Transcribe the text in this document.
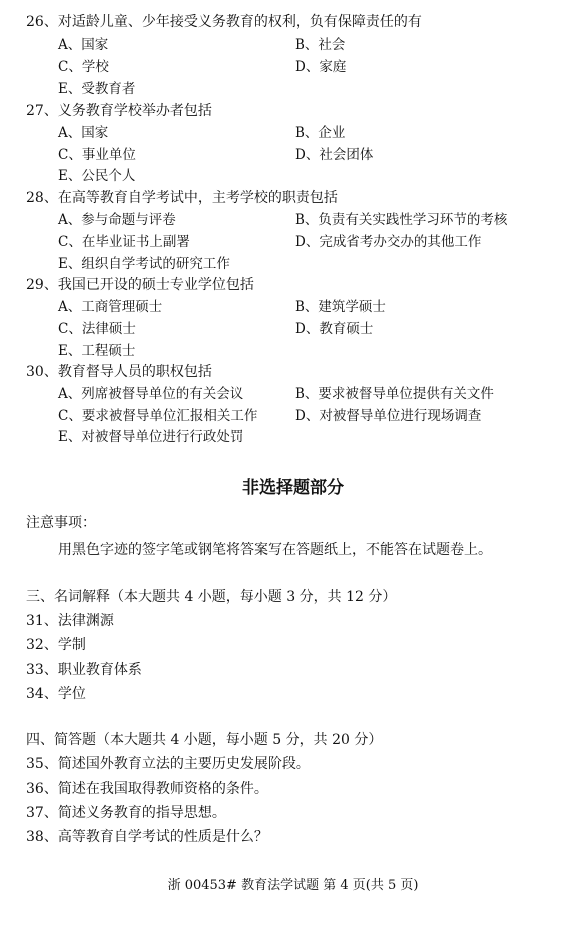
26、对适龄儿童、少年接受义务教育的权利，负有保障责任的有
A、国家	B、社会
C、学校	D、家庭
E、受教育者
27、义务教育学校举办者包括
A、国家	B、企业
C、事业单位	D、社会团体
E、公民个人
28、在高等教育自学考试中，主考学校的职责包括
A、参与命题与评卷	B、负责有关实践性学习环节的考核
C、在毕业证书上副署	D、完成省考办交办的其他工作
E、组织自学考试的研究工作
29、我国已开设的硕士专业学位包括
A、工商管理硕士	B、建筑学硕士
C、法律硕士	D、教育硕士
E、工程硕士
30、教育督导人员的职权包括
A、列席被督导单位的有关会议	B、要求被督导单位提供有关文件
C、要求被督导单位汇报相关工作	D、对被督导单位进行现场调查
E、对被督导单位进行行政处罚
非选择题部分
注意事项：
用黑色字迹的签字笔或钢笔将答案写在答题纸上，不能答在试题卷上。
三、名词解释（本大题共 4 小题，每小题 3 分，共 12 分）
31、法律渊源
32、学制
33、职业教育体系
34、学位
四、简答题（本大题共 4 小题，每小题 5 分，共 20 分）
35、简述国外教育立法的主要历史发展阶段。
36、简述在我国取得教师资格的条件。
37、简述义务教育的指导思想。
38、高等教育自学考试的性质是什么？
浙 00453# 教育法学试题 第 4 页(共 5 页)
